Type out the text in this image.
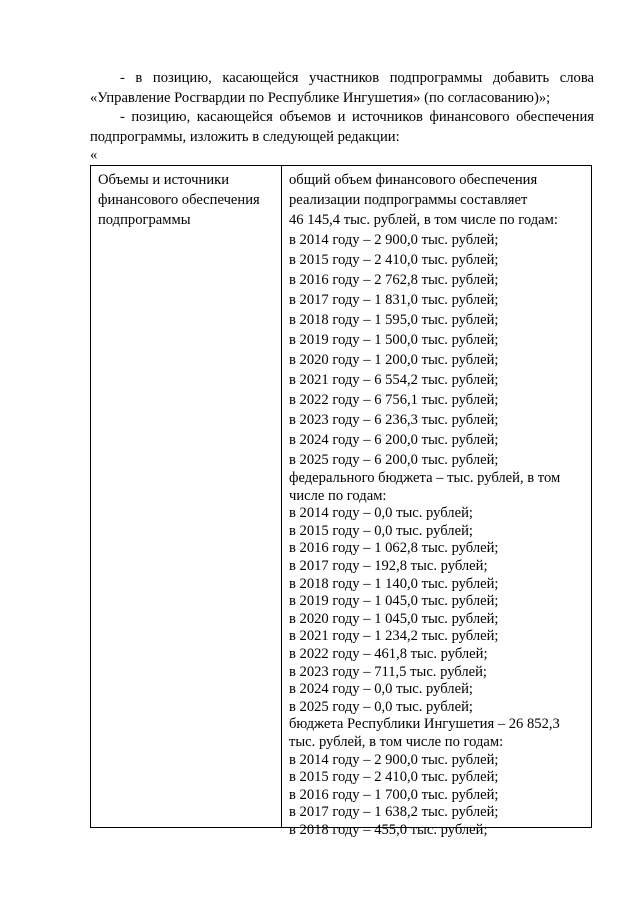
- в позицию, касающейся участников подпрограммы добавить слова «Управление Росгвардии по Республике Ингушетия» (по согласованию)»;

- позицию, касающейся объемов и источников финансового обеспечения подпрограммы, изложить в следующей редакции:

«
Объемы и источники
финансового обеспечения
подпрограммы
общий объем финансового обеспечения
реализации подпрограммы составляет
46 145,4 тыс. рублей, в том числе по годам:
в 2014 году – 2 900,0 тыс. рублей;
в 2015 году – 2 410,0 тыс. рублей;
в 2016 году – 2 762,8 тыс. рублей;
в 2017 году – 1 831,0 тыс. рублей;
в 2018 году – 1 595,0 тыс. рублей;
в 2019 году – 1 500,0 тыс. рублей;
в 2020 году – 1 200,0 тыс. рублей;
в 2021 году – 6 554,2 тыс. рублей;
в 2022 году – 6 756,1 тыс. рублей;
в 2023 году – 6 236,3 тыс. рублей;
в 2024 году – 6 200,0 тыс. рублей;
в 2025 году – 6 200,0 тыс. рублей;
федерального бюджета – тыс. рублей, в том
числе по годам:
в 2014 году – 0,0 тыс. рублей;
в 2015 году – 0,0 тыс. рублей;
в 2016 году – 1 062,8 тыс. рублей;
в 2017 году – 192,8 тыс. рублей;
в 2018 году – 1 140,0 тыс. рублей;
в 2019 году – 1 045,0 тыс. рублей;
в 2020 году – 1 045,0 тыс. рублей;
в 2021 году – 1 234,2 тыс. рублей;
в 2022 году – 461,8 тыс. рублей;
в 2023 году – 711,5 тыс. рублей;
в 2024 году – 0,0 тыс. рублей;
в 2025 году – 0,0 тыс. рублей;
бюджета Республики Ингушетия – 26 852,3
тыс. рублей, в том числе по годам:
в 2014 году – 2 900,0 тыс. рублей;
в 2015 году – 2 410,0 тыс. рублей;
в 2016 году – 1 700,0 тыс. рублей;
в 2017 году – 1 638,2 тыс. рублей;
в 2018 году – 455,0 тыс. рублей;
